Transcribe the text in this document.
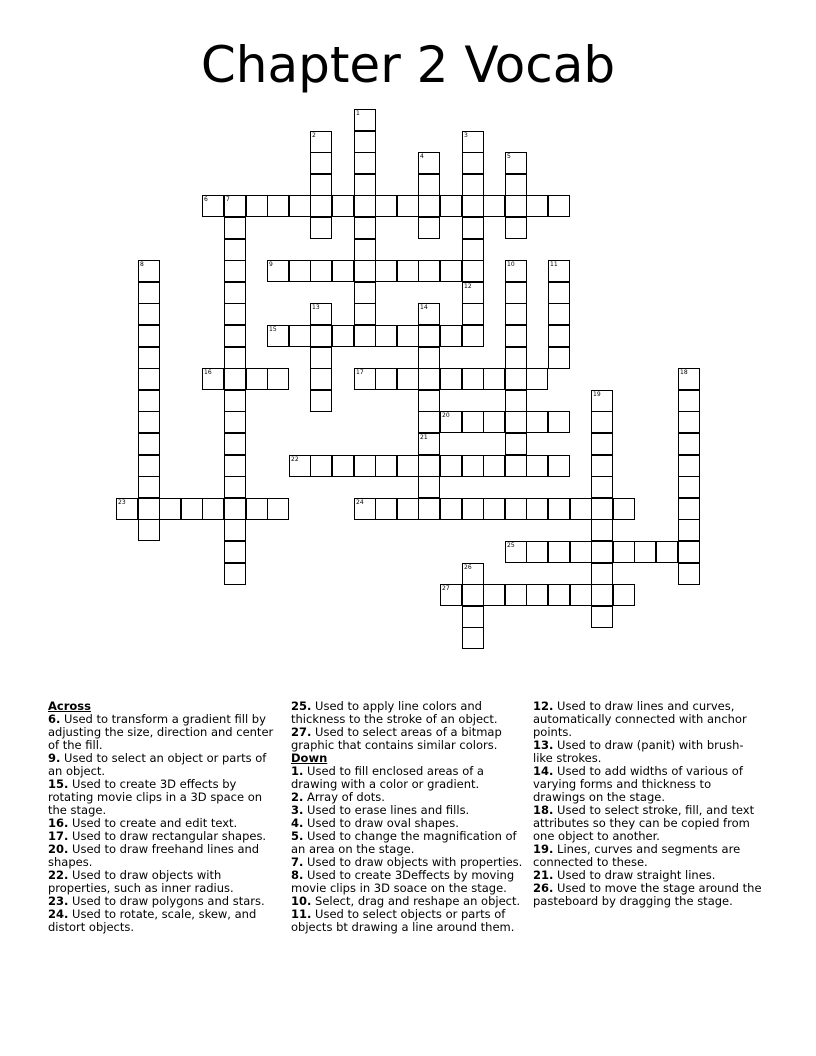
Chapter 2 Vocab
1
2	3
4	5
6	7
8	9	10	11
12
13	14
21
15
16	17	18
19
20
22
23	24
25
26
27
Across
6. Used to transform a gradient fill by adjusting the size, direction and center of the fill.
9. Used to select an object or parts of an object.
15. Used to create 3D effects by rotating movie clips in a 3D space on the stage.
16. Used to create and edit text.
17. Used to draw rectangular shapes.
20. Used to draw freehand lines and shapes.
22. Used to draw objects with properties, such as inner radius.
23. Used to draw polygons and stars.
24. Used to rotate, scale, skew, and distort objects.
25. Used to apply line colors and thickness to the stroke of an object.
27. Used to select areas of a bitmap graphic that contains similar colors.
Down
1. Used to fill enclosed areas of a drawing with a color or gradient.
2. Array of dots.
3. Used to erase lines and fills.
4. Used to draw oval shapes.
5. Used to change the magnification of an area on the stage.
7. Used to draw objects with properties.
8. Used to create 3Deffects by moving movie clips in 3D soace on the stage.
10. Select, drag and reshape an object.
11. Used to select objects or parts of objects bt drawing a line around them.
12. Used to draw lines and curves, automatically connected with anchor points.
13. Used to draw (panit) with brush-like strokes.
14. Used to add widths of various of varying forms and thickness to drawings on the stage.
18. Used to select stroke, fill, and text attributes so they can be copied from one object to another.
19. Lines, curves and segments are connected to these.
21. Used to draw straight lines.
26. Used to move the stage around the pasteboard by dragging the stage.
